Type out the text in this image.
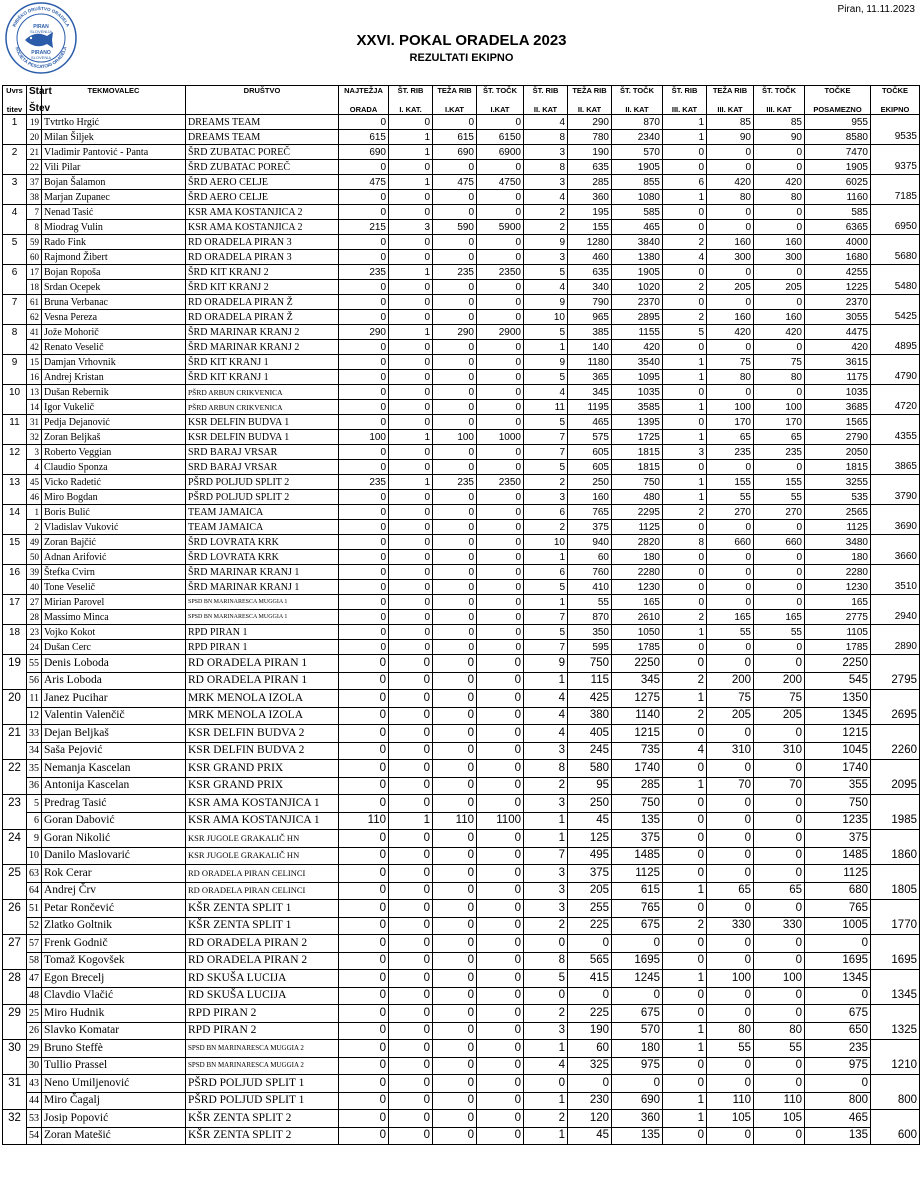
PIRAN
SLOVENIJA
PIRANO
SLOVENIA
RIBIŠKO DRUŠTVO ORADELA
SOCIETÀ PESCATORI ORADELA
Piran, 11.11.2023
XXVI. POKAL ORADELA 2023
REZULTATI EKIPNO
Uvrs	Start	TEKMOVALEC	DRUŠTVO	NAJTEŽJA	ŠT. RIB	TEŽA RIB	ŠT. TOČK	ŠT. RIB	TEŽA RIB	ŠT. TOČK	ŠT. RIB	TEŽA RIB	ŠT. TOČK	TOČKE	TOČKE
titev	Štev			ORADA	I. KAT.	I.KAT	I.KAT	II. KAT	II. KAT	II. KAT	III. KAT	III. KAT	III. KAT	POSAMEZNO	EKIPNO
1	19	Tvtrtko Hrgić	DREAMS TEAM	0	0	0	0	4	290	870	1	85	85	955	
	20	Milan Šiljek	DREAMS TEAM	615	1	615	6150	8	780	2340	1	90	90	8580	9535
2	21	Vladimir Pantović - Panta	ŠRD ZUBATAC POREČ	690	1	690	6900	3	190	570	0	0	0	7470	
	22	Vili Pilar	ŠRD ZUBATAC POREČ	0	0	0	0	8	635	1905	0	0	0	1905	9375
3	37	Bojan Šalamon	ŠRD AERO CELJE	475	1	475	4750	3	285	855	6	420	420	6025	
	38	Marjan Zupanec	ŠRD AERO CELJE	0	0	0	0	4	360	1080	1	80	80	1160	7185
4	7	Nenad Tasić	KSR AMA KOSTANJICA 2	0	0	0	0	2	195	585	0	0	0	585	
	8	Miodrag Vulin	KSR AMA KOSTANJICA 2	215	3	590	5900	2	155	465	0	0	0	6365	6950
5	59	Rado Fink	RD ORADELA PIRAN 3	0	0	0	0	9	1280	3840	2	160	160	4000	
	60	Rajmond Žibert	RD ORADELA PIRAN 3	0	0	0	0	3	460	1380	4	300	300	1680	5680
6	17	Bojan Ropoša	ŠRD KIT KRANJ 2	235	1	235	2350	5	635	1905	0	0	0	4255	
	18	Srdan Ocepek	ŠRD KIT KRANJ 2	0	0	0	0	4	340	1020	2	205	205	1225	5480
7	61	Bruna Verbanac	RD ORADELA PIRAN Ž	0	0	0	0	9	790	2370	0	0	0	2370	
	62	Vesna Pereza	RD ORADELA PIRAN Ž	0	0	0	0	10	965	2895	2	160	160	3055	5425
8	41	Jože Mohorič	ŠRD MARINAR KRANJ 2	290	1	290	2900	5	385	1155	5	420	420	4475	
	42	Renato Veselič	ŠRD MARINAR KRANJ 2	0	0	0	0	1	140	420	0	0	0	420	4895
9	15	Damjan Vrhovnik	ŠRD KIT KRANJ 1	0	0	0	0	9	1180	3540	1	75	75	3615	
	16	Andrej Kristan	ŠRD KIT KRANJ 1	0	0	0	0	5	365	1095	1	80	80	1175	4790
10	13	Dušan Rebernik	PŠRD ARBUN CRIKVENICA	0	0	0	0	4	345	1035	0	0	0	1035	
	14	Igor Vukelič	PŠRD ARBUN CRIKVENICA	0	0	0	0	11	1195	3585	1	100	100	3685	4720
11	31	Pedja Dejanović	KSR DELFIN BUDVA 1	0	0	0	0	5	465	1395	0	170	170	1565	
	32	Zoran Beljkaš	KSR DELFIN BUDVA 1	100	1	100	1000	7	575	1725	1	65	65	2790	4355
12	3	Roberto Veggian	SRD BARAJ VRSAR	0	0	0	0	7	605	1815	3	235	235	2050	
	4	Claudio Sponza	SRD BARAJ VRSAR	0	0	0	0	5	605	1815	0	0	0	1815	3865
13	45	Vicko Radetić	PŠRD POLJUD SPLIT 2	235	1	235	2350	2	250	750	1	155	155	3255	
	46	Miro Bogdan	PŠRD POLJUD SPLIT 2	0	0	0	0	3	160	480	1	55	55	535	3790
14	1	Boris Bulić	TEAM JAMAICA	0	0	0	0	6	765	2295	2	270	270	2565	
	2	Vladislav Vuković	TEAM JAMAICA	0	0	0	0	2	375	1125	0	0	0	1125	3690
15	49	Zoran Bajčić	ŠRD LOVRATA KRK	0	0	0	0	10	940	2820	8	660	660	3480	
	50	Adnan Arifović	ŠRD LOVRATA KRK	0	0	0	0	1	60	180	0	0	0	180	3660
16	39	Štefka Cvirn	ŠRD MARINAR KRANJ 1	0	0	0	0	6	760	2280	0	0	0	2280	
	40	Tone Veselič	ŠRD MARINAR KRANJ 1	0	0	0	0	5	410	1230	0	0	0	1230	3510
17	27	Mirian Parovel	SPSD BN MARINARESCA MUGGIA 1	0	0	0	0	1	55	165	0	0	0	165	
	28	Massimo Minca	SPSD BN MARINARESCA MUGGIA 1	0	0	0	0	7	870	2610	2	165	165	2775	2940
18	23	Vojko Kokot	RPD PIRAN 1	0	0	0	0	5	350	1050	1	55	55	1105	
	24	Dušan Cerc	RPD PIRAN 1	0	0	0	0	7	595	1785	0	0	0	1785	2890
19	55	Denis Loboda	RD ORADELA PIRAN 1	0	0	0	0	9	750	2250	0	0	0	2250	
	56	Aris Loboda	RD ORADELA PIRAN 1	0	0	0	0	1	115	345	2	200	200	545	2795
20	11	Janez Pucihar	MRK MENOLA IZOLA	0	0	0	0	4	425	1275	1	75	75	1350	
	12	Valentin Valenčič	MRK MENOLA IZOLA	0	0	0	0	4	380	1140	2	205	205	1345	2695
21	33	Dejan Beljkaš	KSR DELFIN BUDVA 2	0	0	0	0	4	405	1215	0	0	0	1215	
	34	Saša Pejović	KSR DELFIN BUDVA 2	0	0	0	0	3	245	735	4	310	310	1045	2260
22	35	Nemanja Kascelan	KSR GRAND PRIX	0	0	0	0	8	580	1740	0	0	0	1740	
	36	Antonija Kascelan	KSR GRAND PRIX	0	0	0	0	2	95	285	1	70	70	355	2095
23	5	Predrag Tasić	KSR AMA KOSTANJICA 1	0	0	0	0	3	250	750	0	0	0	750	
	6	Goran Dabović	KSR AMA KOSTANJICA 1	110	1	110	1100	1	45	135	0	0	0	1235	1985
24	9	Goran Nikolić	KSR JUGOLE GRAKALIČ HN	0	0	0	0	1	125	375	0	0	0	375	
	10	Danilo Maslovarić	KSR JUGOLE GRAKALIČ HN	0	0	0	0	7	495	1485	0	0	0	1485	1860
25	63	Rok Cerar	RD ORADELA PIRAN CELINCI	0	0	0	0	3	375	1125	0	0	0	1125	
	64	Andrej Črv	RD ORADELA PIRAN CELINCI	0	0	0	0	3	205	615	1	65	65	680	1805
26	51	Petar Rončević	KŠR ZENTA SPLIT 1	0	0	0	0	3	255	765	0	0	0	765	
	52	Zlatko Goltnik	KŠR ZENTA SPLIT 1	0	0	0	0	2	225	675	2	330	330	1005	1770
27	57	Frenk Godnič	RD ORADELA PIRAN 2	0	0	0	0	0	0	0	0	0	0	0	
	58	Tomaž Kogovšek	RD ORADELA PIRAN 2	0	0	0	0	8	565	1695	0	0	0	1695	1695
28	47	Egon Brecelj	RD SKUŠA LUCIJA	0	0	0	0	5	415	1245	1	100	100	1345	
	48	Clavdio Vlačić	RD SKUŠA LUCIJA	0	0	0	0	0	0	0	0	0	0	0	1345
29	25	Miro Hudnik	RPD PIRAN 2	0	0	0	0	2	225	675	0	0	0	675	
	26	Slavko Komatar	RPD PIRAN 2	0	0	0	0	3	190	570	1	80	80	650	1325
30	29	Bruno Steffè	SPSD BN MARINARESCA MUGGIA 2	0	0	0	0	1	60	180	1	55	55	235	
	30	Tullio Prassel	SPSD BN MARINARESCA MUGGIA 2	0	0	0	0	4	325	975	0	0	0	975	1210
31	43	Neno Umiljenović	PŠRD POLJUD SPLIT 1	0	0	0	0	0	0	0	0	0	0	0	
	44	Miro Čagalj	PŠRD POLJUD SPLIT 1	0	0	0	0	1	230	690	1	110	110	800	800
32	53	Josip Popović	KŠR ZENTA SPLIT 2	0	0	0	0	2	120	360	1	105	105	465	
	54	Zoran Matešić	KŠR ZENTA SPLIT 2	0	0	0	0	1	45	135	0	0	0	135	600
